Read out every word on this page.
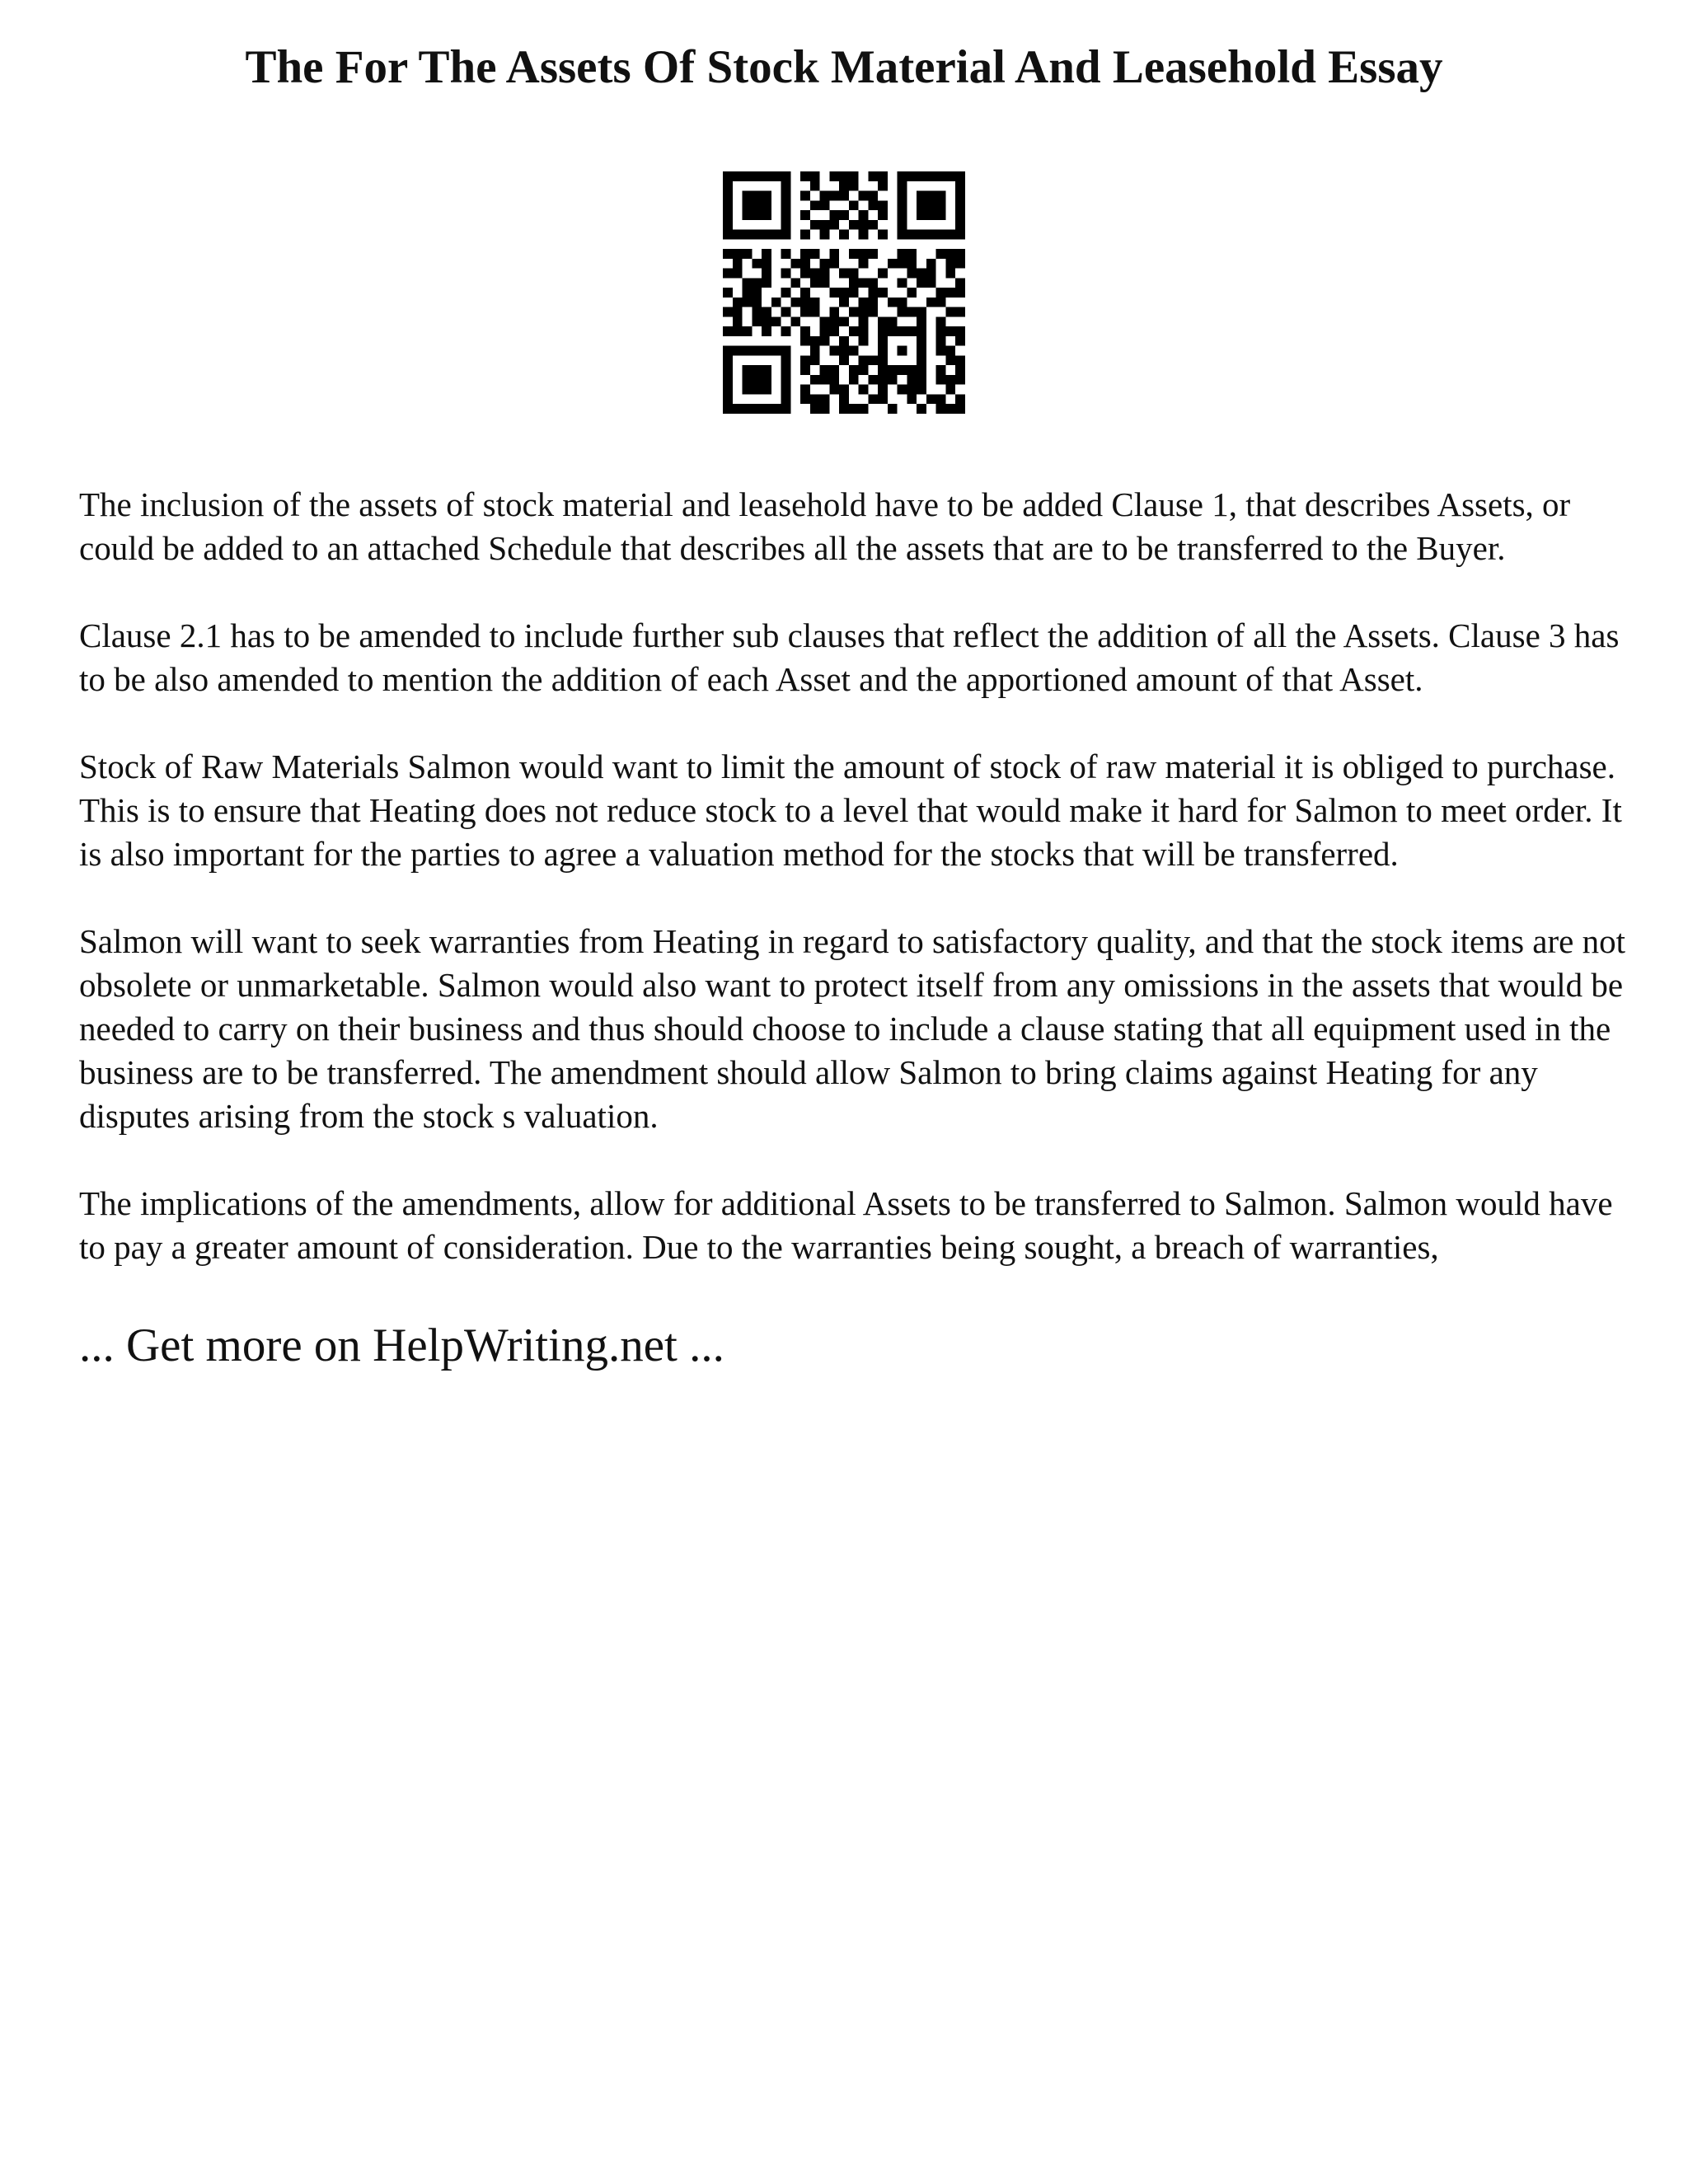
The For The Assets Of Stock Material And Leasehold Essay

The inclusion of the assets of stock material and leasehold have to be added Clause 1, that describes Assets, or could be added to an attached Schedule that describes all the assets that are to be transferred to the Buyer.

Clause 2.1 has to be amended to include further sub clauses that reflect the addition of all the Assets. Clause 3 has to be also amended to mention the addition of each Asset and the apportioned amount of that Asset.

Stock of Raw Materials Salmon would want to limit the amount of stock of raw material it is obliged to purchase. This is to ensure that Heating does not reduce stock to a level that would make it hard for Salmon to meet order. It is also important for the parties to agree a valuation method for the stocks that will be transferred.

Salmon will want to seek warranties from Heating in regard to satisfactory quality, and that the stock items are not obsolete or unmarketable. Salmon would also want to protect itself from any omissions in the assets that would be needed to carry on their business and thus should choose to include a clause stating that all equipment used in the business are to be transferred. The amendment should allow Salmon to bring claims against Heating for any disputes arising from the stock s valuation.

The implications of the amendments, allow for additional Assets to be transferred to Salmon. Salmon would have to pay a greater amount of consideration. Due to the warranties being sought, a breach of warranties,

... Get more on HelpWriting.net ...
